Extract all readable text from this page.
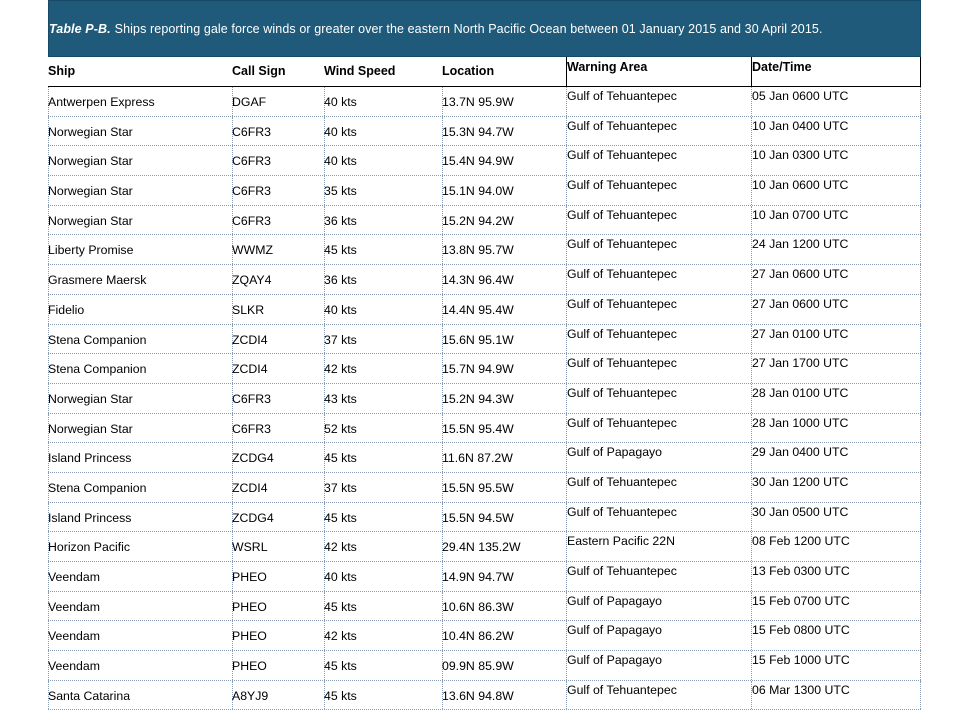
Table P-B. Ships reporting gale force winds or greater over the eastern North Pacific Ocean between 01 January 2015 and 30 April 2015.
Ship	Call Sign	Wind Speed	Location	Warning Area	Date/Time
Antwerpen Express	DGAF	40 kts	13.7N 95.9W	Gulf of Tehuantepec	05 Jan 0600 UTC
Norwegian Star	C6FR3	40 kts	15.3N 94.7W	Gulf of Tehuantepec	10 Jan 0400 UTC
Norwegian Star	C6FR3	40 kts	15.4N 94.9W	Gulf of Tehuantepec	10 Jan 0300 UTC
Norwegian Star	C6FR3	35 kts	15.1N 94.0W	Gulf of Tehuantepec	10 Jan 0600 UTC
Norwegian Star	C6FR3	36 kts	15.2N 94.2W	Gulf of Tehuantepec	10 Jan 0700 UTC
Liberty Promise	WWMZ	45 kts	13.8N 95.7W	Gulf of Tehuantepec	24 Jan 1200 UTC
Grasmere Maersk	ZQAY4	36 kts	14.3N 96.4W	Gulf of Tehuantepec	27 Jan 0600 UTC
Fidelio	SLKR	40 kts	14.4N 95.4W	Gulf of Tehuantepec	27 Jan 0600 UTC
Stena Companion	ZCDI4	37 kts	15.6N 95.1W	Gulf of Tehuantepec	27 Jan 0100 UTC
Stena Companion	ZCDI4	42 kts	15.7N 94.9W	Gulf of Tehuantepec	27 Jan 1700 UTC
Norwegian Star	C6FR3	43 kts	15.2N 94.3W	Gulf of Tehuantepec	28 Jan 0100 UTC
Norwegian Star	C6FR3	52 kts	15.5N 95.4W	Gulf of Tehuantepec	28 Jan 1000 UTC
Island Princess	ZCDG4	45 kts	11.6N 87.2W	Gulf of Papagayo	29 Jan 0400 UTC
Stena Companion	ZCDI4	37 kts	15.5N 95.5W	Gulf of Tehuantepec	30 Jan 1200 UTC
Island Princess	ZCDG4	45 kts	15.5N 94.5W	Gulf of Tehuantepec	30 Jan 0500 UTC
Horizon Pacific	WSRL	42 kts	29.4N 135.2W	Eastern Pacific 22N	08 Feb 1200 UTC
Veendam	PHEO	40 kts	14.9N 94.7W	Gulf of Tehuantepec	13 Feb 0300 UTC
Veendam	PHEO	45 kts	10.6N 86.3W	Gulf of Papagayo	15 Feb 0700 UTC
Veendam	PHEO	42 kts	10.4N 86.2W	Gulf of Papagayo	15 Feb 0800 UTC
Veendam	PHEO	45 kts	09.9N 85.9W	Gulf of Papagayo	15 Feb 1000 UTC
Santa Catarina	A8YJ9	45 kts	13.6N 94.8W	Gulf of Tehuantepec	06 Mar 1300 UTC
